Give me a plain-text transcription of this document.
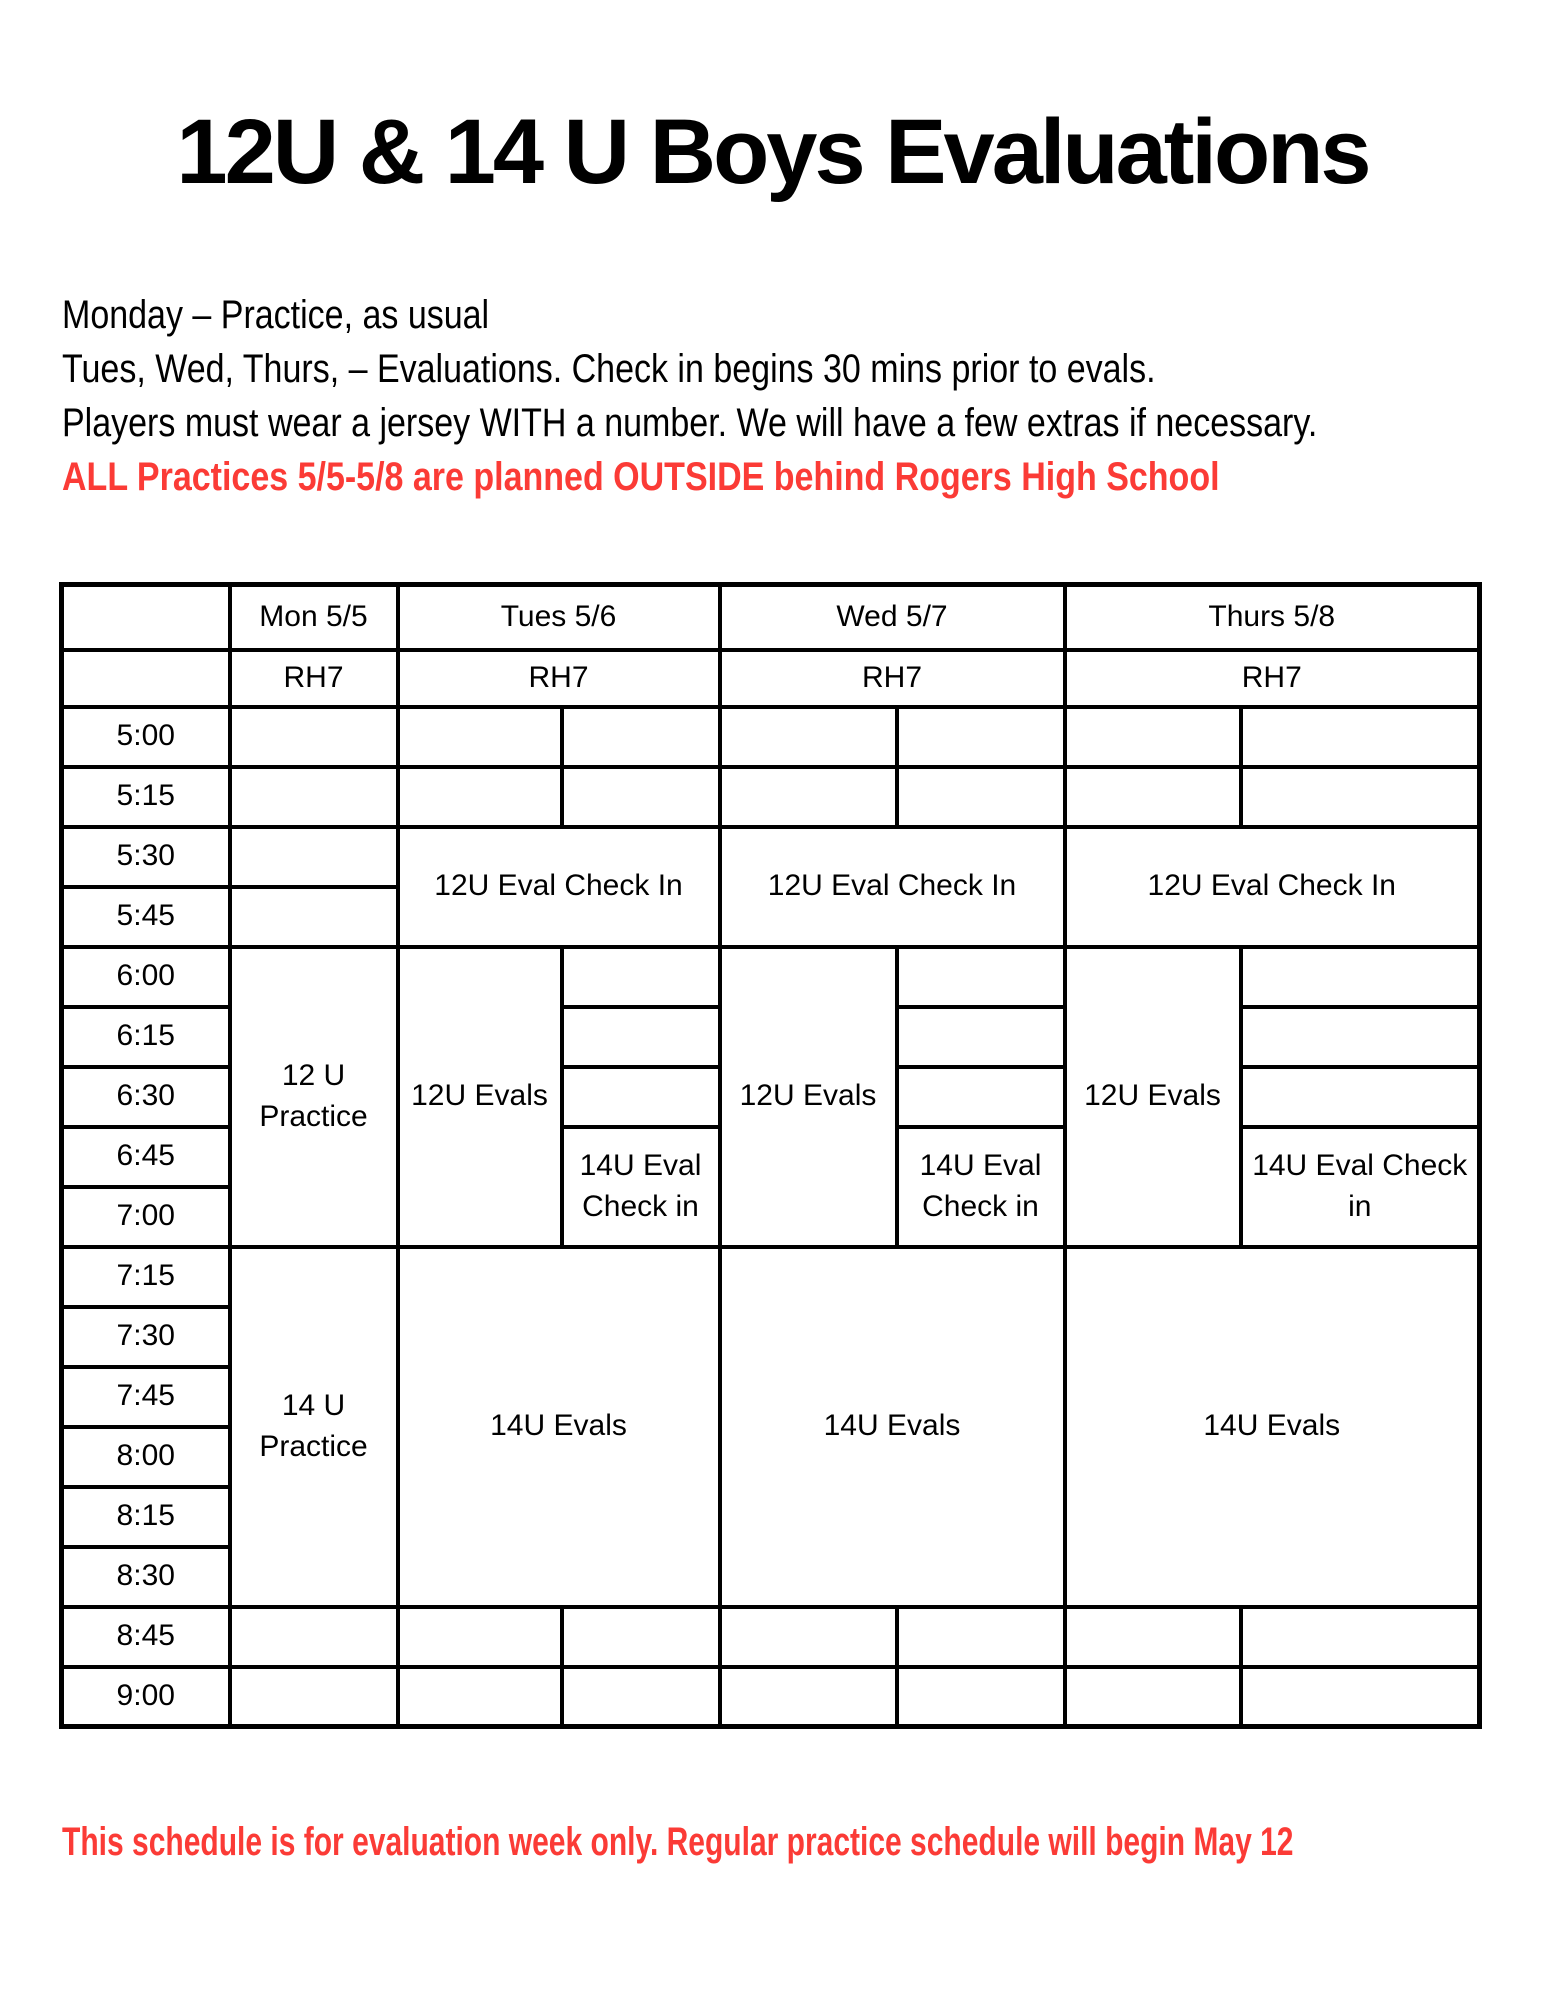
12U & 14 U Boys Evaluations
Monday – Practice, as usual
Tues, Wed, Thurs, – Evaluations. Check in begins 30 mins prior to evals.
Players must wear a jersey WITH a number. We will have a few extras if necessary.
ALL Practices 5/5-5/8 are planned OUTSIDE behind Rogers High School
	Mon 5/5	Tues 5/6		Wed 5/7		Thurs 5/8	
	RH7	RH7		RH7		RH7	
5:00							
5:15							
5:30		12U Eval Check In		12U Eval Check In		12U Eval Check In	
5:45							
6:00	12 U Practice	12U Evals		12U Evals		12U Evals	
6:15							
6:30							
6:45			14U Eval Check in		14U Eval Check in		14U Eval Check in
7:00							
7:15	14 U Practice	14U Evals		14U Evals		14U Evals	
7:30							
7:45							
8:00							
8:15							
8:30							
8:45							
9:00							
This schedule is for evaluation week only. Regular practice schedule will begin May 12
